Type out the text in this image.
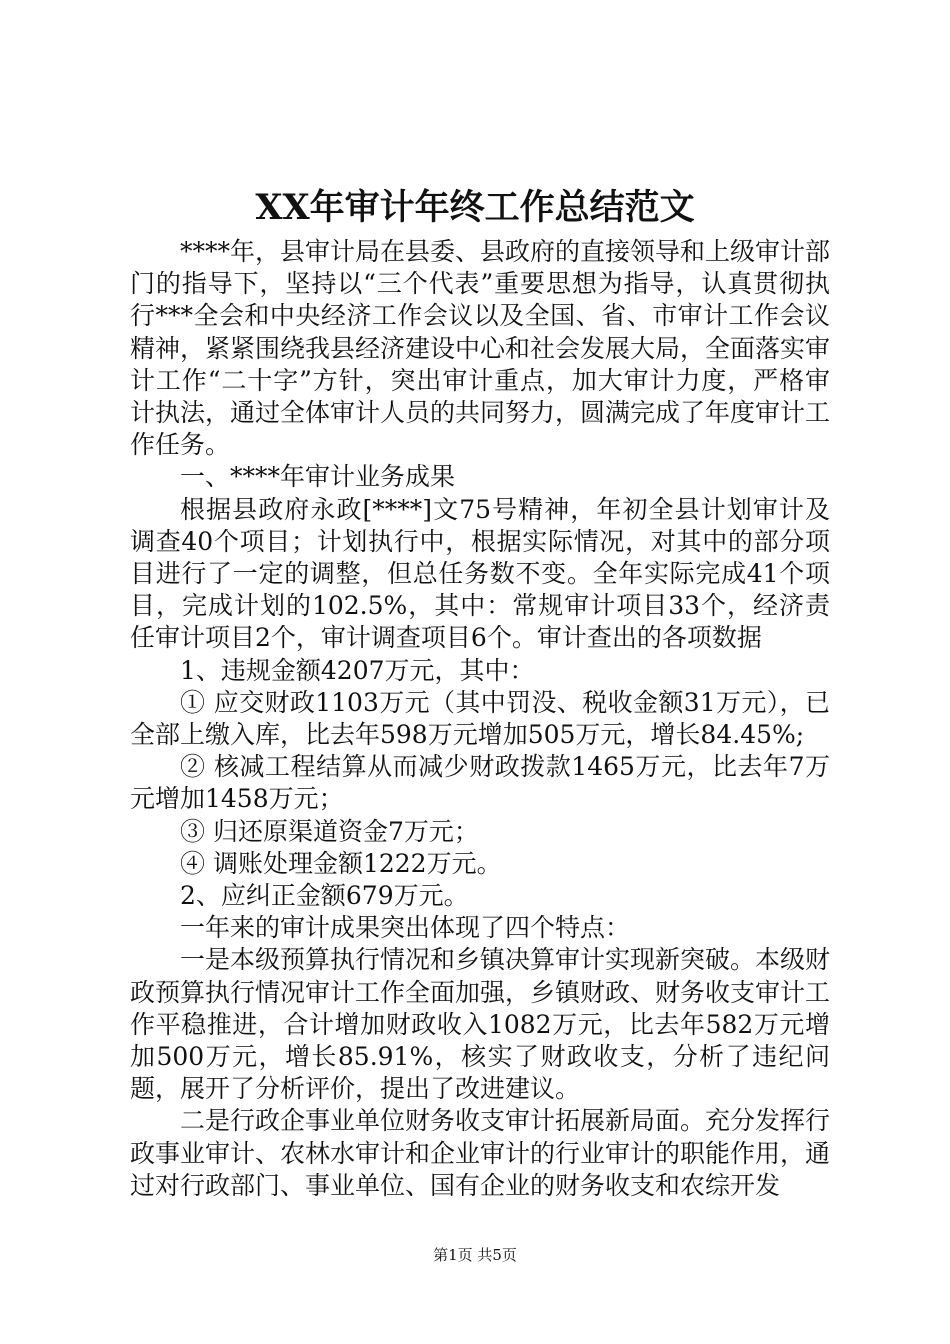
XX年审计年终工作总结范文

****年，县审计局在县委、县政府的直接领导和上级审计部门的指导下，坚持以“三个代表”重要思想为指导，认真贯彻执行***全会和中央经济工作会议以及全国、省、市审计工作会议精神，紧紧围绕我县经济建设中心和社会发展大局，全面落实审计工作“二十字”方针，突出审计重点，加大审计力度，严格审计执法，通过全体审计人员的共同努力，圆满完成了年度审计工作任务。

一、****年审计业务成果

根据县政府永政[****]文75号精神，年初全县计划审计及调查40个项目；计划执行中，根据实际情况，对其中的部分项目进行了一定的调整，但总任务数不变。全年实际完成41个项目，完成计划的102.5%，其中：常规审计项目33个，经济责任审计项目2个，审计调查项目6个。审计查出的各项数据

1、违规金额4207万元，其中：

① 应交财政1103万元（其中罚没、税收金额31万元），已全部上缴入库，比去年598万元增加505万元，增长84.45%;

② 核减工程结算从而减少财政拨款1465万元，比去年7万元增加1458万元；

③ 归还原渠道资金7万元；

④ 调账处理金额1222万元。

2、应纠正金额679万元。

一年来的审计成果突出体现了四个特点：

一是本级预算执行情况和乡镇决算审计实现新突破。本级财政预算执行情况审计工作全面加强，乡镇财政、财务收支审计工作平稳推进，合计增加财政收入1082万元，比去年582万元增加500万元，增长85.91%，核实了财政收支，分析了违纪问题，展开了分析评价，提出了改进建议。

二是行政企事业单位财务收支审计拓展新局面。充分发挥行政事业审计、农林水审计和企业审计的行业审计的职能作用，通过对行政部门、事业单位、国有企业的财务收支和农综开发

第1页 共5页
